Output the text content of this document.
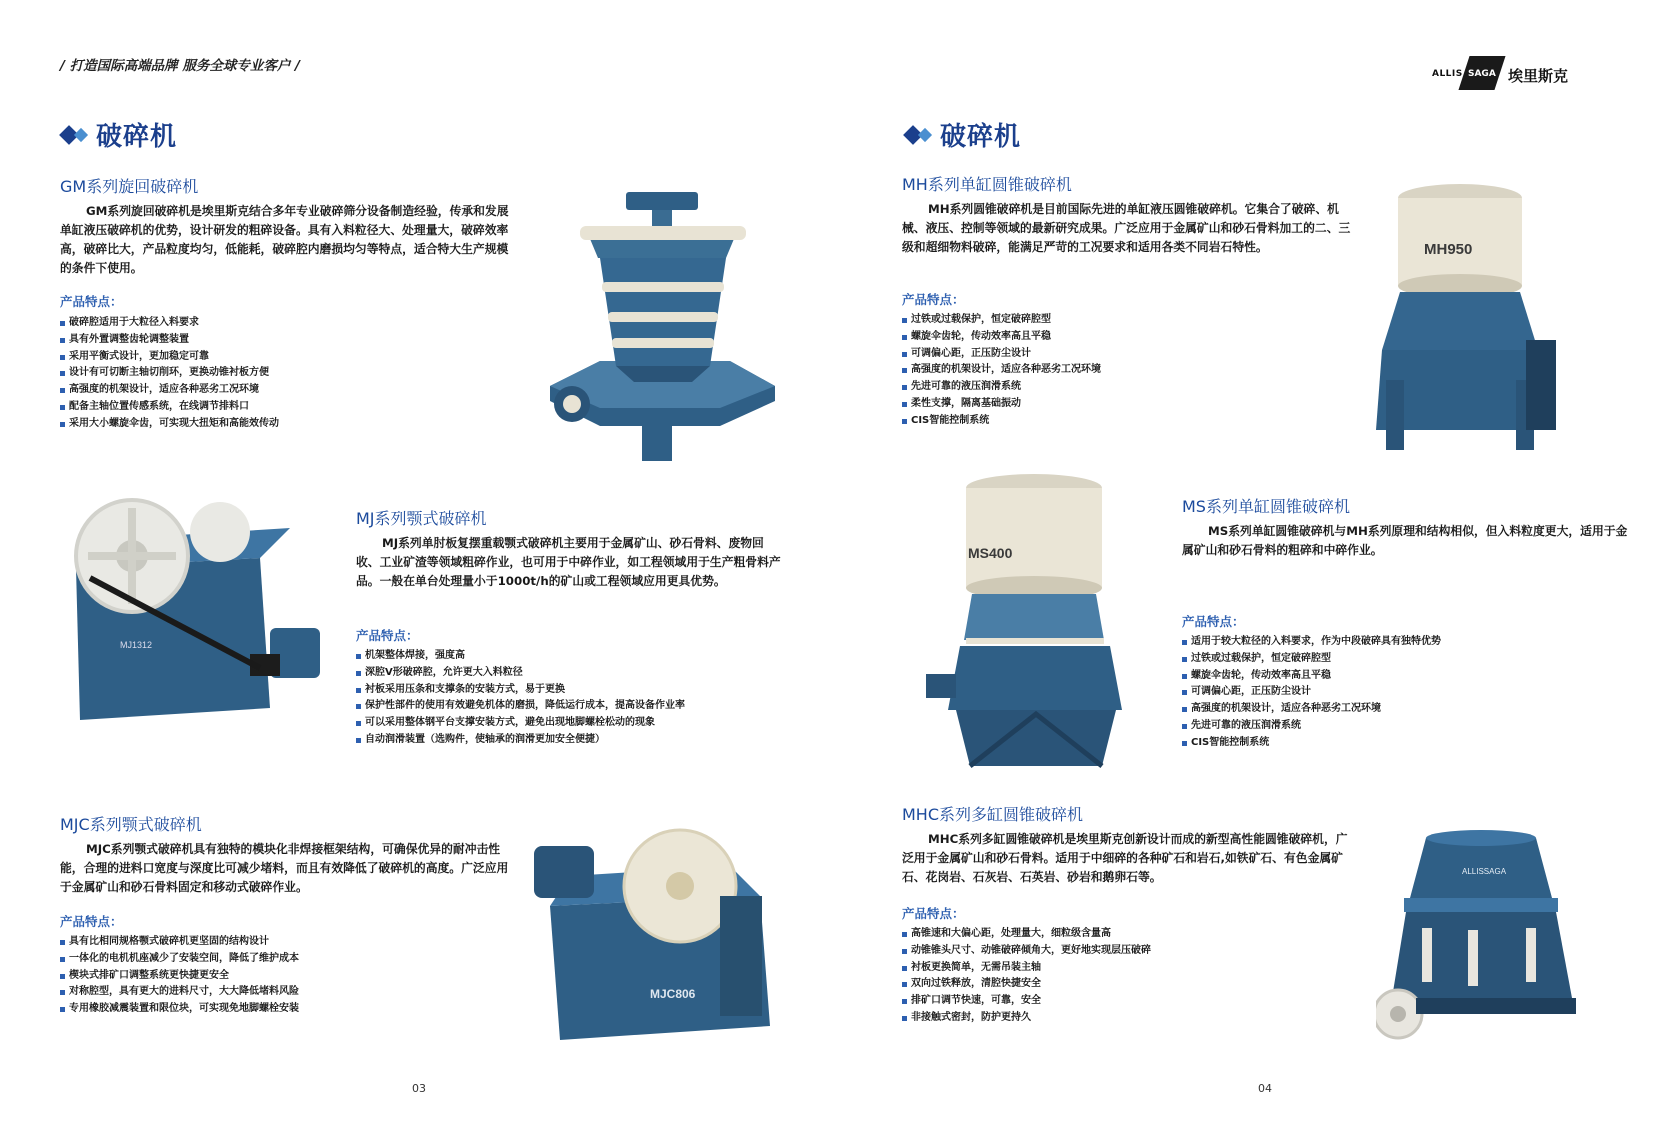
/ 打造国际高端品牌 服务全球专业客户 /	ALLIS SAGA 埃里斯克
破碎机
GM系列旋回破碎机
GM系列旋回破碎机是埃里斯克结合多年专业破碎筛分设备制造经验，传承和发展单缸液压破碎机的优势，设计研发的粗碎设备。具有入料粒径大、处理量大，破碎效率高，破碎比大，产品粒度均匀，低能耗，破碎腔内磨损均匀等特点，适合特大生产规模的条件下使用。
产品特点：
破碎腔适用于大粒径入料要求
具有外置调整齿轮调整装置
采用平衡式设计，更加稳定可靠
设计有可切断主轴切削环，更换动锥衬板方便
高强度的机架设计，适应各种恶劣工况环境
配备主轴位置传感系统，在线调节排料口
采用大小螺旋伞齿，可实现大扭矩和高能效传动
MJ1312
MJ系列颚式破碎机
MJ系列单肘板复摆重载颚式破碎机主要用于金属矿山、砂石骨料、废物回收、工业矿渣等领域粗碎作业，也可用于中碎作业，如工程领域用于生产粗骨料产品。一般在单台处理量小于1000t/h的矿山或工程领域应用更具优势。
产品特点：
机架整体焊接，强度高
深腔V形破碎腔，允许更大入料粒径
衬板采用压条和支撑条的安装方式，易于更换
保护性部件的使用有效避免机体的磨损，降低运行成本，提高设备作业率
可以采用整体钢平台支撑安装方式，避免出现地脚螺栓松动的现象
自动润滑装置（选购件，使轴承的润滑更加安全便捷）
MJC系列颚式破碎机
MJC系列颚式破碎机具有独特的模块化非焊接框架结构，可确保优异的耐冲击性能，合理的进料口宽度与深度比可减少堵料，而且有效降低了破碎机的高度。广泛应用于金属矿山和砂石骨料固定和移动式破碎作业。
产品特点：
具有比相同规格颚式破碎机更坚固的结构设计
一体化的电机机座减少了安装空间，降低了维护成本
楔块式排矿口调整系统更快捷更安全
对称腔型，具有更大的进料尺寸，大大降低堵料风险
专用橡胶减震装置和限位块，可实现免地脚螺栓安装
MJC806
03
破碎机
MH系列单缸圆锥破碎机
MH系列圆锥破碎机是目前国际先进的单缸液压圆锥破碎机。它集合了破碎、机械、液压、控制等领域的最新研究成果。广泛应用于金属矿山和砂石骨料加工的二、三级和超细物料破碎，能满足严苛的工况要求和适用各类不同岩石特性。
产品特点：
过铁或过载保护，恒定破碎腔型
螺旋伞齿轮，传动效率高且平稳
可调偏心距，正压防尘设计
高强度的机架设计，适应各种恶劣工况环境
先进可靠的液压润滑系统
柔性支撑，隔离基础振动
CIS智能控制系统
MH950
MS400
MS系列单缸圆锥破碎机
MS系列单缸圆锥破碎机与MH系列原理和结构相似，但入料粒度更大，适用于金属矿山和砂石骨料的粗碎和中碎作业。
产品特点：
适用于较大粒径的入料要求，作为中段破碎具有独特优势
过铁或过载保护，恒定破碎腔型
螺旋伞齿轮，传动效率高且平稳
可调偏心距，正压防尘设计
高强度的机架设计，适应各种恶劣工况环境
先进可靠的液压润滑系统
CIS智能控制系统
MHC系列多缸圆锥破碎机
MHC系列多缸圆锥破碎机是埃里斯克创新设计而成的新型高性能圆锥破碎机，广泛用于金属矿山和砂石骨料。适用于中细碎的各种矿石和岩石,如铁矿石、有色金属矿石、花岗岩、石灰岩、石英岩、砂岩和鹅卵石等。
产品特点：
高锥速和大偏心距，处理量大，细粒级含量高
动锥锥头尺寸、动锥破碎倾角大，更好地实现层压破碎
衬板更换简单，无需吊装主轴
双向过铁释放，清腔快捷安全
排矿口调节快速，可靠，安全
非接触式密封，防护更持久
ALLISSAGA
04
